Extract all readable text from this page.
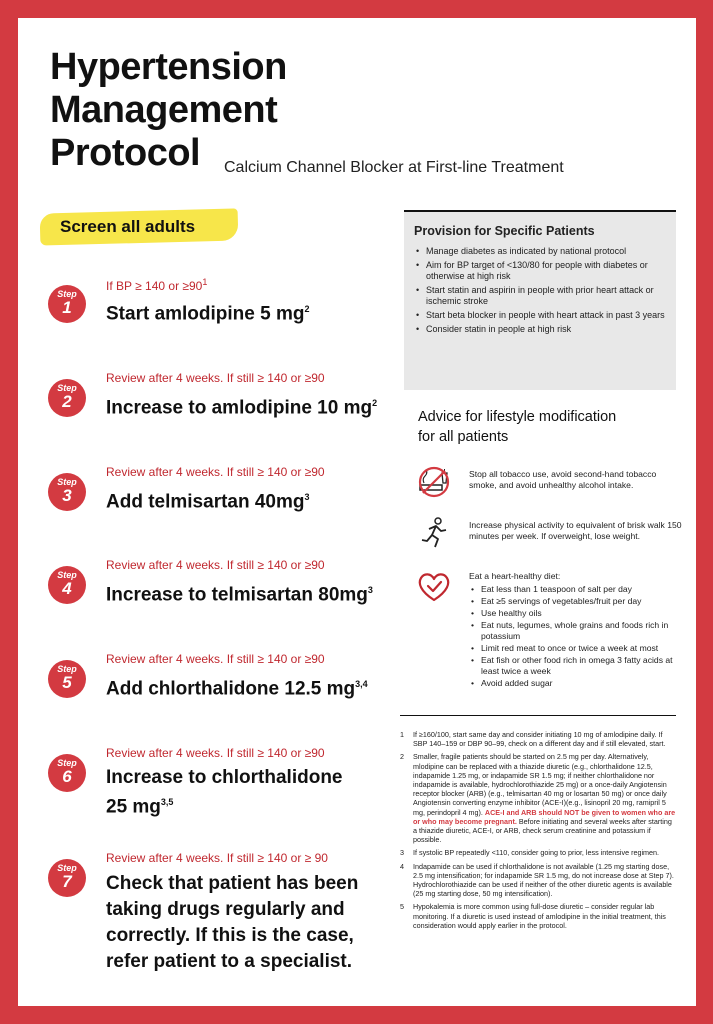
Hypertension
Management
Protocol	Calcium Channel Blocker at First-line Treatment
Screen all adults
Step
1
If BP ≥ 140 or $\ge 90^1$
Start amlodipine 5 $mg^2$
Step
2
Review after 4 weeks. If still ≥ 140 or ≥90
Increase to amlodipine 10 $mg^2$
Step
3
Review after 4 weeks. If still ≥ 140 or ≥90
Add telmisartan $40mg^3$
Step
4
Review after 4 weeks. If still ≥ 140 or ≥90
Increase to telmisartan $80mg^3$
Step
5
Review after 4 weeks. If still ≥ 140 or ≥90
Add chlorthalidone 12.5 mg$^{3,4}$
Step
6
Review after 4 weeks. If still ≥ 140 or ≥90
Increase to chlorthalidone 25 mg$^{3,5}$
Step
7
Review after 4 weeks. If still ≥ 140 or ≥ 90
Check that patient has been taking drugs regularly and correctly. If this is the case, refer patient to a specialist.
Provision for Specific Patients
• Manage diabetes as indicated by national protocol
• Aim for BP target of <130/80 for people with diabetes or otherwise at high risk
• Start statin and aspirin in people with prior heart attack or ischemic stroke
• Start beta blocker in people with heart attack in past 3 years
• Consider statin in people at high risk
Advice for lifestyle modification
for all patients
Stop all tobacco use, avoid second-hand tobacco smoke, and avoid unhealthy alcohol intake.
Increase physical activity to equivalent of brisk walk 150 minutes per week. If overweight, lose weight.
Eat a heart-healthy diet:
• Eat less than 1 teaspoon of salt per day
• Eat ≥5 servings of vegetables/fruit per day
• Use healthy oils
• Eat nuts, legumes, whole grains and foods rich in potassium
• Limit red meat to once or twice a week at most
• Eat fish or other food rich in omega 3 fatty acids at least twice a week
• Avoid added sugar
1 If ≥160/100, start same day and consider initiating 10 mg of amlodipine daily. If SBP 140–159 or DBP 90–99, check on a different day and if still elevated, start.
2 Smaller, fragile patients should be started on 2.5 mg per day. Alternatively, mlodipine can be replaced with a thiazide diuretic (e.g., chlorthalidone 12.5, indapamide 1.25 mg, or indapamide SR 1.5 mg; if neither chlorthalidone nor indapamide is available, hydrochlorothiazide 25 mg) or a once-daily Angiotensin receptor blocker (ARB) (e.g., telmisartan 40 mg or losartan 50 mg) or once daily Angiotensin converting enzyme inhibitor (ACE-I)(e.g., lisinopril 20 mg, ramipril 5 mg, perindopril 4 mg). ACE-I and ARB should NOT be given to women who are or who may become pregnant. Before initiating and several weeks after starting a thiazide diuretic, ACE-I, or ARB, check serum creatinine and potassium if possible.
3 If systolic BP repeatedly <110, consider going to prior, less intensive regimen.
4 Indapamide can be used if chlorthalidone is not available (1.25 mg starting dose, 2.5 mg intensification; for indapamide SR 1.5 mg, do not increase dose at Step 7). Hydrochlorothiazide can be used if neither of the other diuretic agents is available (25 mg starting dose, 50 mg intensification).
5 Hypokalemia is more common using full-dose diuretic – consider regular lab monitoring. If a diuretic is used instead of amlodipine in the initial treatment, this consideration would apply earlier in the protocol.
